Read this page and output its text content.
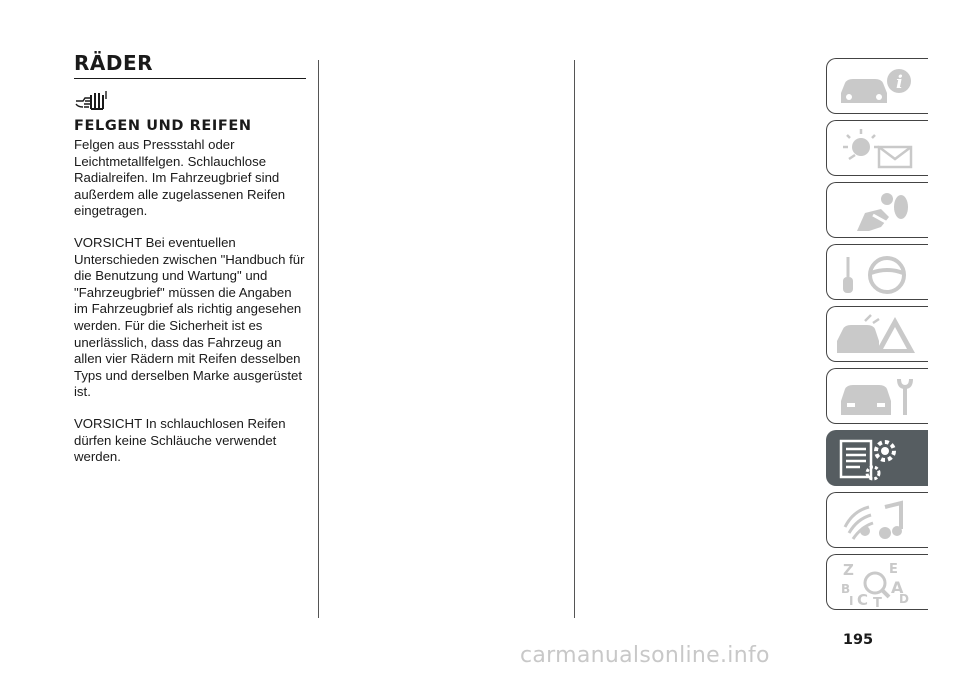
RÄDER
FELGEN UND REIFEN

Felgen aus Pressstahl oder Leichtmetallfelgen. Schlauchlose Radialreifen. Im Fahrzeugbrief sind außerdem alle zugelassenen Reifen eingetragen.

VORSICHT Bei eventuellen Unterschieden zwischen "Handbuch für die Benutzung und Wartung" und "Fahrzeugbrief" müssen die Angaben im Fahrzeugbrief als richtig angesehen werden. Für die Sicherheit ist es unerlässlich, dass das Fahrzeug an allen vier Rädern mit Reifen desselben Typs und derselben Marke ausgerüstet ist.

VORSICHT In schlauchlosen Reifen dürfen keine Schläuche verwendet werden.

i
Z	E
B	A
C	D
T
I
195
carmanualsonline.info
